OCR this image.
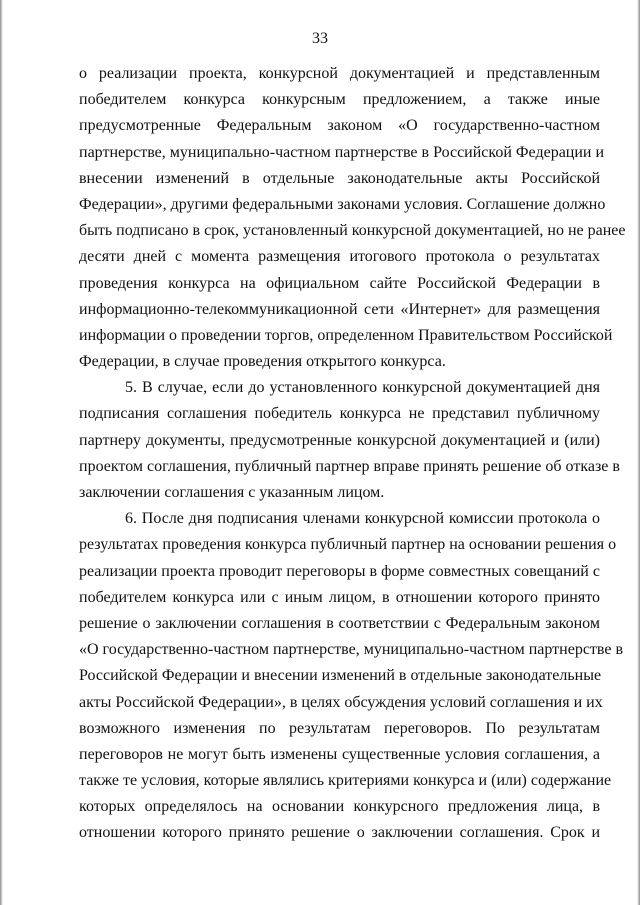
33
о реализации проекта, конкурсной документацией и представленным
победителем конкурса конкурсным предложением, а также иные
предусмотренные Федеральным законом «О государственно-частном
партнерстве, муниципально-частном партнерстве в Российской Федерации и
внесении изменений в отдельные законодательные акты Российской
Федерации», другими федеральными законами условия. Соглашение должно
быть подписано в срок, установленный конкурсной документацией, но не ранее
десяти дней с момента размещения итогового протокола о результатах
проведения конкурса на официальном сайте Российской Федерации в
информационно-телекоммуникационной сети «Интернет» для размещения
информации о проведении торгов, определенном Правительством Российской
Федерации, в случае проведения открытого конкурса.
5. В случае, если до установленного конкурсной документацией дня
подписания соглашения победитель конкурса не представил публичному
партнеру документы, предусмотренные конкурсной документацией и (или)
проектом соглашения, публичный партнер вправе принять решение об отказе в
заключении соглашения с указанным лицом.
6. После дня подписания членами конкурсной комиссии протокола о
результатах проведения конкурса публичный партнер на основании решения о
реализации проекта проводит переговоры в форме совместных совещаний с
победителем конкурса или с иным лицом, в отношении которого принято
решение о заключении соглашения в соответствии с Федеральным законом
«О государственно-частном партнерстве, муниципально-частном партнерстве в
Российской Федерации и внесении изменений в отдельные законодательные
акты Российской Федерации», в целях обсуждения условий соглашения и их
возможного изменения по результатам переговоров. По результатам
переговоров не могут быть изменены существенные условия соглашения, а
также те условия, которые являлись критериями конкурса и (или) содержание
которых определялось на основании конкурсного предложения лица, в
отношении которого принято решение о заключении соглашения. Срок и
